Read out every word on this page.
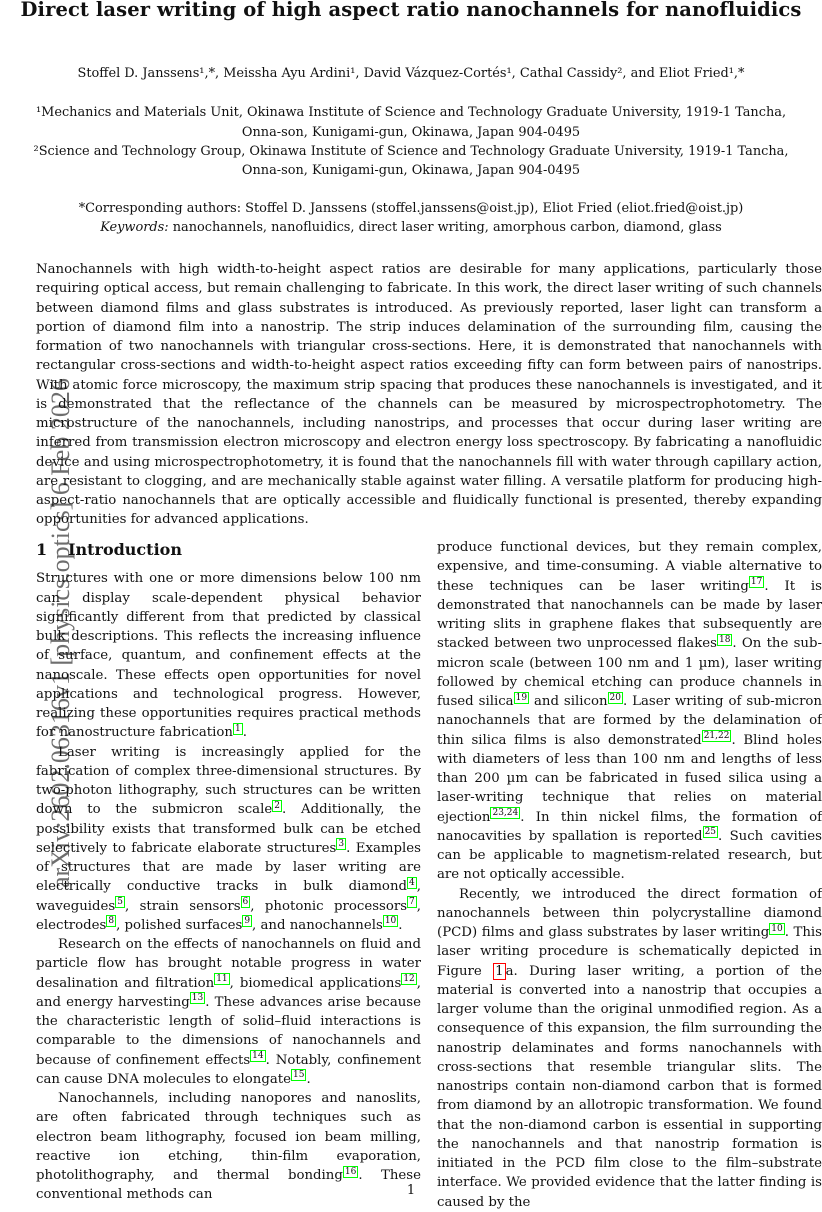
Direct laser writing of high aspect ratio nanochannels for nanofluidics
Stoffel D. Janssens¹,*, Meissha Ayu Ardini¹, David Vázquez-Cortés¹, Cathal Cassidy², and Eliot Fried¹,*
¹Mechanics and Materials Unit, Okinawa Institute of Science and Technology Graduate University, 1919-1 Tancha,
Onna-son, Kunigami-gun, Okinawa, Japan 904-0495
²Science and Technology Group, Okinawa Institute of Science and Technology Graduate University, 1919-1 Tancha,
Onna-son, Kunigami-gun, Okinawa, Japan 904-0495
*Corresponding authors: Stoffel D. Janssens (stoffel.janssens@oist.jp), Eliot Fried (eliot.fried@oist.jp)
Keywords: nanochannels, nanofluidics, direct laser writing, amorphous carbon, diamond, glass
arXiv:2602.06316v1 [physics.optics] 6 Feb 2026
Nanochannels with high width-to-height aspect ratios are desirable for many applications, particularly those requiring optical access, but remain challenging to fabricate. In this work, the direct laser writing of such channels between diamond films and glass substrates is introduced. As previously reported, laser light can transform a portion of diamond film into a nanostrip. The strip induces delamination of the surrounding film, causing the formation of two nanochannels with triangular cross-sections. Here, it is demonstrated that nanochannels with rectangular cross-sections and width-to-height aspect ratios exceeding fifty can form between pairs of nanostrips. With atomic force microscopy, the maximum strip spacing that produces these nanochannels is investigated, and it is demonstrated that the reflectance of the channels can be measured by microspectrophotometry. The microstructure of the nanochannels, including nanostrips, and processes that occur during laser writing are inferred from transmission electron microscopy and electron energy loss spectroscopy. By fabricating a nanofluidic device and using microspectrophotometry, it is found that the nanochannels fill with water through capillary action, are resistant to clogging, and are mechanically stable against water filling. A versatile platform for producing high-aspect-ratio nanochannels that are optically accessible and fluidically functional is presented, thereby expanding opportunities for advanced applications.
1 Introduction

Structures with one or more dimensions below 100 nm can display scale-dependent physical behavior significantly different from that predicted by classical bulk descriptions. This reflects the increasing influence of surface, quantum, and confinement effects at the nanoscale. These effects open opportunities for novel applications and technological progress. However, realizing these opportunities requires practical methods for nanostructure fabrication $^1$ .

Laser writing is increasingly applied for the fabrication of complex three-dimensional structures. By two-photon lithography, such structures can be written down to the submicron scale $^2$ . Additionally, the possibility exists that transformed bulk can be etched selectively to fabricate elaborate structures $^3$ . Examples of structures that are made by laser writing are electrically conductive tracks in bulk diamond $^4$ , waveguides $^5$ , strain sensors $^6$ , photonic processors $^7$ , electrodes $^8$ , polished surfaces $^9$ , and nanochannels $^{10}$ .

Research on the effects of nanochannels on fluid and particle flow has brought notable progress in water desalination and filtration $^{11}$ , biomedical applications $^{12}$ , and energy harvesting $^{13}$ . These advances arise because the characteristic length of solid–fluid interactions is comparable to the dimensions of nanochannels and because of confinement effects $^{14}$ . Notably, confinement can cause DNA molecules to elongate $^{15}$ .

Nanochannels, including nanopores and nanoslits, are often fabricated through techniques such as electron beam lithography, focused ion beam milling, reactive ion etching, thin-film evaporation, photolithography, and thermal bonding $^{16}$ . These conventional methods can

produce functional devices, but they remain complex, expensive, and time-consuming. A viable alternative to these techniques can be laser writing $^{17}$ . It is demonstrated that nanochannels can be made by laser writing slits in graphene flakes that subsequently are stacked between two unprocessed flakes $^{18}$ . On the sub-micron scale (between 100 nm and 1 µm), laser writing followed by chemical etching can produce channels in fused silica $^{19}$ and silicon $^{20}$ . Laser writing of sub-micron nanochannels that are formed by the delamination of thin silica films is also demonstrated $^{21,22}$ . Blind holes with diameters of less than 100 nm and lengths of less than 200 µm can be fabricated in fused silica using a laser-writing technique that relies on material ejection $^{23,24}$ . In thin nickel films, the formation of nanocavities by spallation is reported $^{25}$ . Such cavities can be applicable to magnetism-related research, but are not optically accessible.

Recently, we introduced the direct formation of nanochannels between thin polycrystalline diamond (PCD) films and glass substrates by laser writing $^{10}$ . This laser writing procedure is schematically depicted in Figure 1 a. During laser writing, a portion of the material is converted into a nanostrip that occupies a larger volume than the original unmodified region. As a consequence of this expansion, the film surrounding the nanostrip delaminates and forms nanochannels with cross-sections that resemble triangular slits. The nanostrips contain non-diamond carbon that is formed from diamond by an allotropic transformation. We found that the non-diamond carbon is essential in supporting the nanochannels and that nanostrip formation is initiated in the PCD film close to the film–substrate interface. We provided evidence that the latter finding is caused by the

1
